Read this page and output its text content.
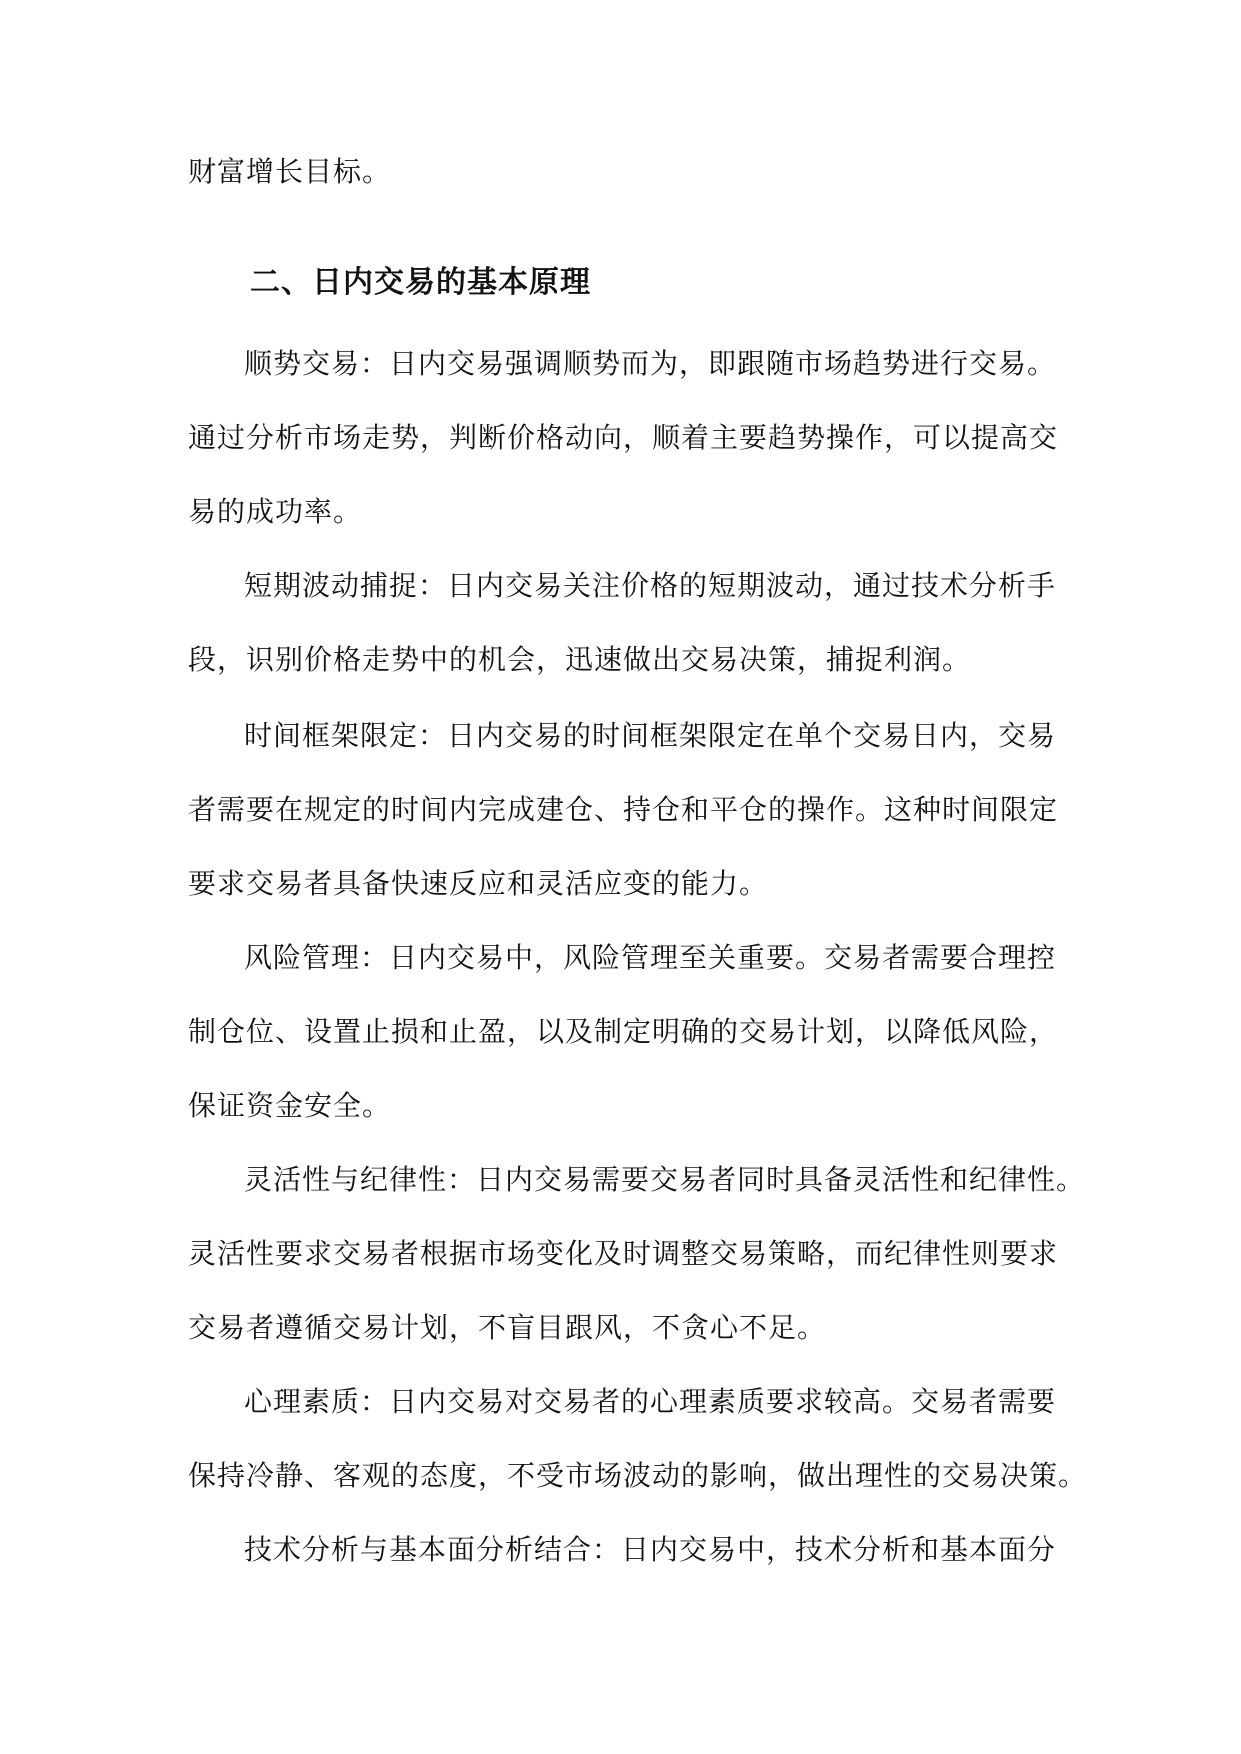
财富增长目标。
二、日内交易的基本原理
顺势交易：日内交易强调顺势而为，即跟随市场趋势进行交易。
通过分析市场走势，判断价格动向，顺着主要趋势操作，可以提高交
易的成功率。
短期波动捕捉：日内交易关注价格的短期波动，通过技术分析手
段，识别价格走势中的机会，迅速做出交易决策，捕捉利润。
时间框架限定：日内交易的时间框架限定在单个交易日内，交易
者需要在规定的时间内完成建仓、持仓和平仓的操作。这种时间限定
要求交易者具备快速反应和灵活应变的能力。
风险管理：日内交易中，风险管理至关重要。交易者需要合理控
制仓位、设置止损和止盈，以及制定明确的交易计划，以降低风险，
保证资金安全。
灵活性与纪律性：日内交易需要交易者同时具备灵活性和纪律性。
灵活性要求交易者根据市场变化及时调整交易策略，而纪律性则要求
交易者遵循交易计划，不盲目跟风，不贪心不足。
心理素质：日内交易对交易者的心理素质要求较高。交易者需要
保持冷静、客观的态度，不受市场波动的影响，做出理性的交易决策。
技术分析与基本面分析结合：日内交易中，技术分析和基本面分
